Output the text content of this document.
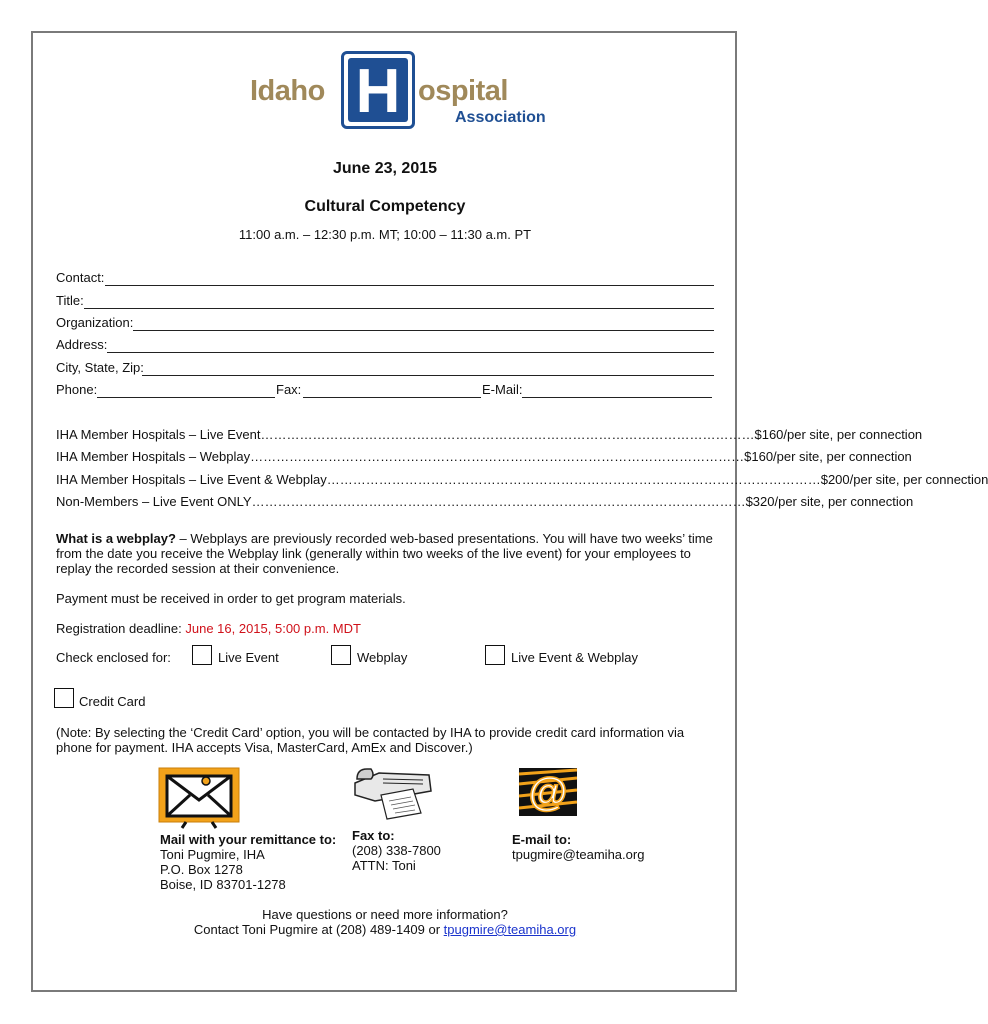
Idaho H ospital
Association
June 23, 2015
Cultural Competency
11:00 a.m. – 12:30 p.m. MT; 10:00 – 11:30 a.m. PT
Contact:
Title:
Organization:
Address:
City, State, Zip:
Phone:	Fax:	E-Mail:
IHA Member Hospitals – Live Event …………………………………………………………………………………………………… $160/per site, per connection
IHA Member Hospitals – Webplay …………………………………………………………………………………………………… $160/per site, per connection
IHA Member Hospitals – Live Event & Webplay …………………………………………………………………………………………………… $200/per site, per connection
Non-Members – Live Event ONLY …………………………………………………………………………………………………… $320/per site, per connection
What is a webplay? – Webplays are previously recorded web-based presentations. You will have two weeks’ time from the date you receive the Webplay link (generally within two weeks of the live event) for your employees to replay the recorded session at their convenience.
Payment must be received in order to get program materials.
Registration deadline: June 16, 2015, 5:00 p.m. MDT
Check enclosed for:	Live Event	Webplay	Live Event & Webplay
Credit Card
(Note: By selecting the ‘Credit Card’ option, you will be contacted by IHA to provide credit card information via phone for payment. IHA accepts Visa, MasterCard, AmEx and Discover.)
@
Mail with your remittance to:
Toni Pugmire, IHA
P.O. Box 1278
Boise, ID 83701-1278
Fax to:
(208) 338-7800
ATTN: Toni
E-mail to:
tpugmire@teamiha.org
Have questions or need more information?
Contact Toni Pugmire at (208) 489-1409 or tpugmire@teamiha.org
